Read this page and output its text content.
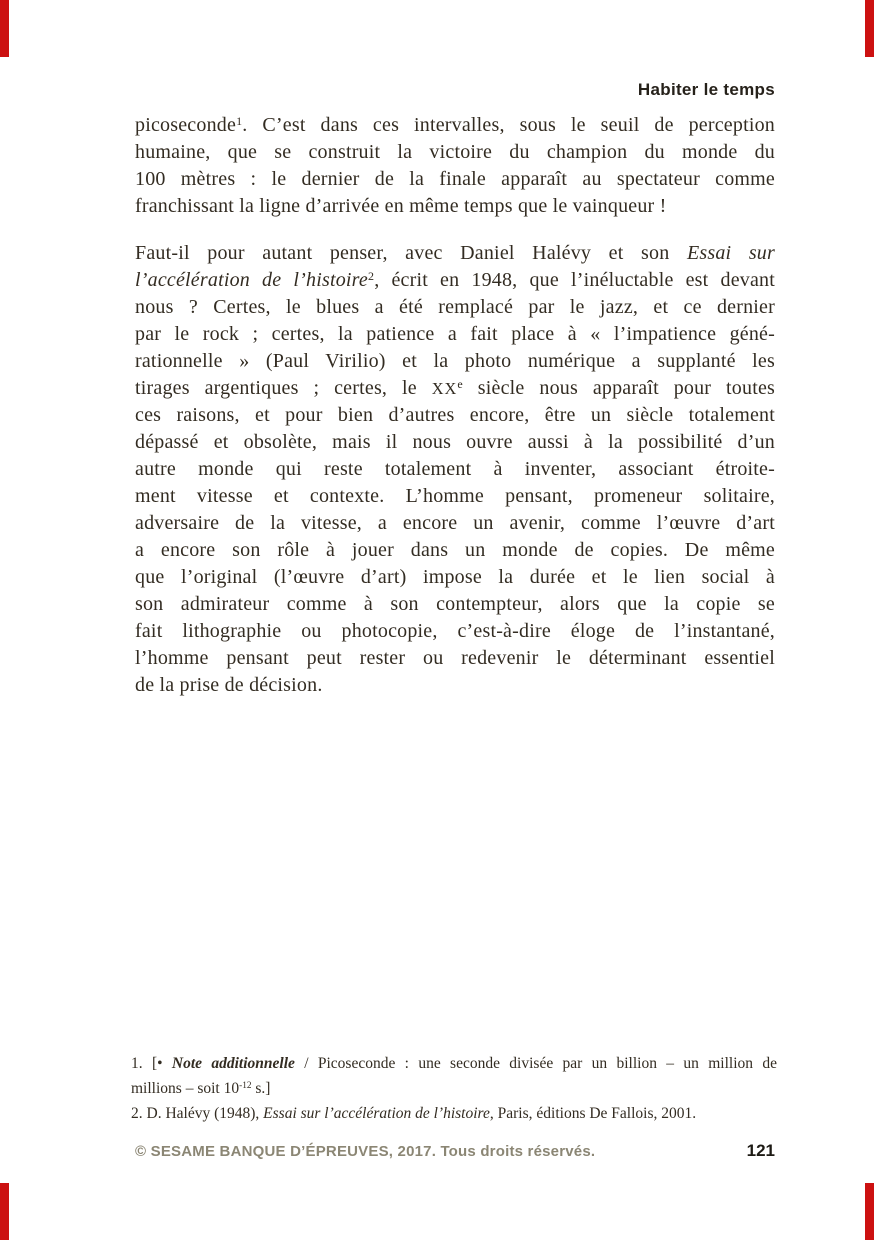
Habiter le temps
picoseconde$^1$. C’est dans ces intervalles, sous le seuil de perception
humaine, que se construit la victoire du champion du monde du
100 mètres : le dernier de la finale apparaît au spectateur comme
franchissant la ligne d’arrivée en même temps que le vainqueur !
Faut-il pour autant penser, avec Daniel Halévy et son Essai sur
l’accélération de l’histoire$^2$, écrit en 1948, que l’inéluctable est devant
nous ? Certes, le blues a été remplacé par le jazz, et ce dernier
par le rock ; certes, la patience a fait place à « l’impatience géné-
rationnelle » (Paul Virilio) et la photo numérique a supplanté les
tirages argentiques ; certes, le XXe siècle nous apparaît pour toutes
ces raisons, et pour bien d’autres encore, être un siècle totalement
dépassé et obsolète, mais il nous ouvre aussi à la possibilité d’un
autre monde qui reste totalement à inventer, associant étroite-
ment vitesse et contexte. L’homme pensant, promeneur solitaire,
adversaire de la vitesse, a encore un avenir, comme l’œuvre d’art
a encore son rôle à jouer dans un monde de copies. De même
que l’original (l’œuvre d’art) impose la durée et le lien social à
son admirateur comme à son contempteur, alors que la copie se
fait lithographie ou photocopie, c’est-à-dire éloge de l’instantané,
l’homme pensant peut rester ou redevenir le déterminant essentiel
de la prise de décision.
1. [• Note additionnelle / Picoseconde : une seconde divisée par un billion – un million de
millions – soit $10^{-12}$ s.]
2. D. Halévy (1948), Essai sur l’accélération de l’histoire, Paris, éditions De Fallois, 2001.
© SESAME BANQUE D’ÉPREUVES, 2017. Tous droits réservés.	121
